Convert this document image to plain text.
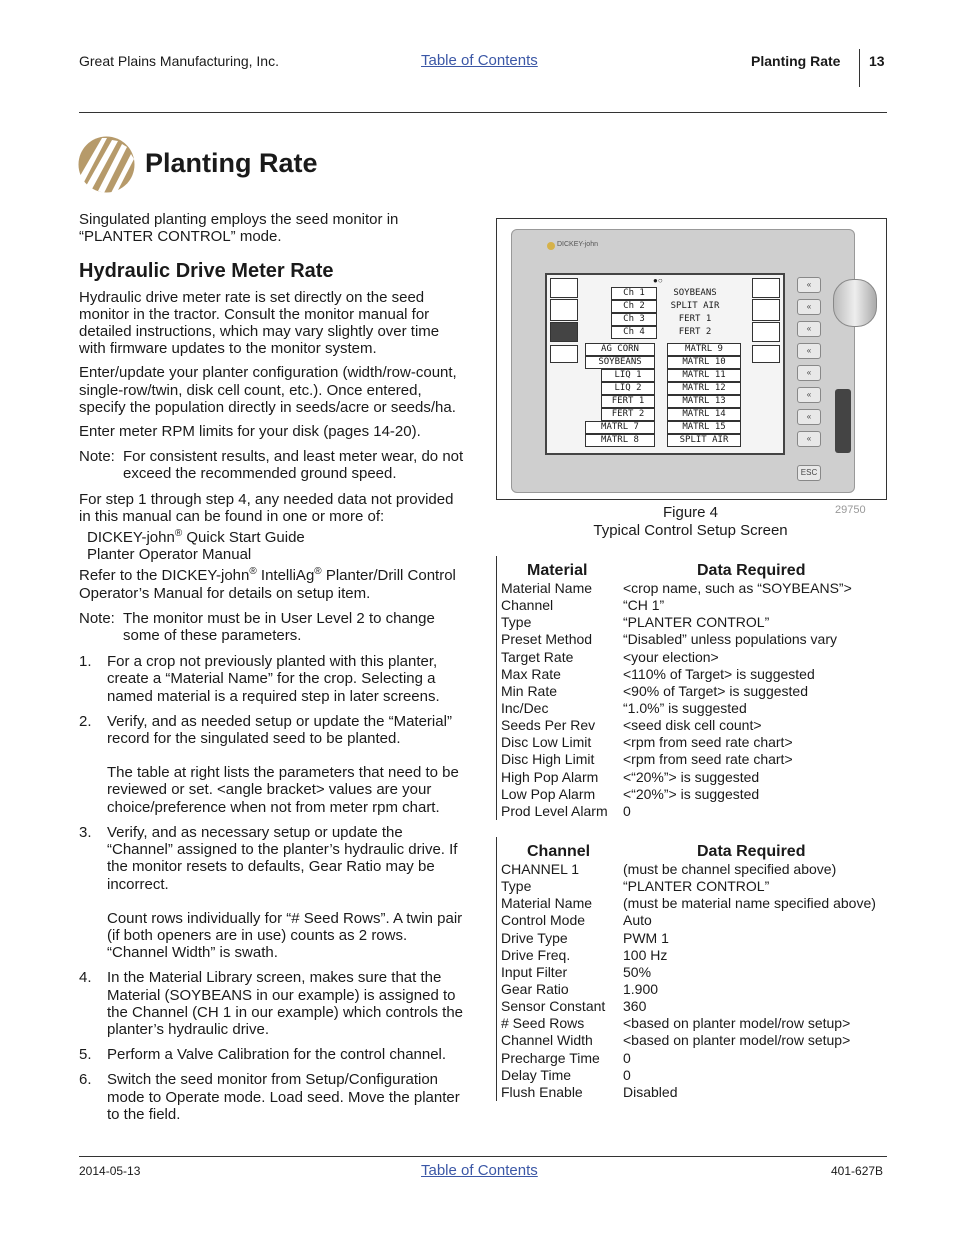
Great Plains Manufacturing, Inc.	Table of Contents	Planting Rate 13
Planting Rate

Singulated planting employs the seed monitor in “PLANTER CONTROL” mode.

Hydraulic Drive Meter Rate

Hydraulic drive meter rate is set directly on the seed monitor in the tractor. Consult the monitor manual for detailed instructions, which may vary slightly over time with firmware updates to the monitor system.

Enter/update your planter configuration (width/row-count, single-row/twin, disk cell count, etc.). Once entered, specify the population directly in seeds/acre or seeds/ha.

Enter meter RPM limits for your disk (pages 14-20).

Note: For consistent results, and least meter wear, do not exceed the recommended ground speed.

For step 1 through step 4, any needed data not provided in this manual can be found in one or more of:

DICKEY-john® Quick Start Guide

Planter Operator Manual

Refer to the DICKEY-john® IntelliAg® Planter/Drill Control Operator’s Manual for details on setup item.

Note: The monitor must be in User Level 2 to change some of these parameters.
1.	For a crop not previously planted with this planter, create a “Material Name” for the crop. Selecting a named material is a required step in later screens.
2.	Verify, and as needed setup or update the “Material” record for the singulated seed to be planted.

The table at right lists the parameters that need to be reviewed or set. <angle bracket> values are your choice/preference when not from meter rpm chart.

3.	Verify, and as necessary setup or update the “Channel” assigned to the planter’s hydraulic drive. If the monitor resets to defaults, Gear Ratio may be incorrect.

Count rows individually for “# Seed Rows”. A twin pair (if both openers are in use) counts as 2 rows. “Channel Width” is swath.

4.	In the Material Library screen, makes sure that the Material (SOYBEANS in our example) is assigned to the Channel (CH 1 in our example) which controls the planter’s hydraulic drive.
5.	Perform a Valve Calibration for the control channel.
6.	Switch the seed monitor from Setup/Configuration mode to Operate mode. Load seed. Move the planter to the field.
DICKEY-john
●○
Ch 1
Ch 2
Ch 3
Ch 4
SOYBEANS
SPLIT AIR
FERT 1
FERT 2
AG CORN
SOYBEANS
LIQ 1
LIQ 2
FERT 1
FERT 2
MATRL 7
MATRL 8
MATRL 9
MATRL 10
MATRL 11
MATRL 12
MATRL 13
MATRL 14
MATRL 15
SPLIT AIR
«
«
«
«
«
«
«
«
ESC
Figure 4
Typical Control Setup Screen
29750
Material	Data Required
Material Name	<crop name, such as “SOYBEANS”>
Channel	“CH 1”
Type	“PLANTER CONTROL”
Preset Method	“Disabled” unless populations vary
Target Rate	<your election>
Max Rate	<110% of Target> is suggested
Min Rate	<90% of Target> is suggested
Inc/Dec	“1.0%” is suggested
Seeds Per Rev	<seed disk cell count>
Disc Low Limit	<rpm from seed rate chart>
Disc High Limit	<rpm from seed rate chart>
High Pop Alarm	<“20%”> is suggested
Low Pop Alarm	<“20%”> is suggested
Prod Level Alarm	0
Channel	Data Required
CHANNEL 1	(must be channel specified above)
Type	“PLANTER CONTROL”
Material Name	(must be material name specified above)
Control Mode	Auto
Drive Type	PWM 1
Drive Freq.	100 Hz
Input Filter	50%
Gear Ratio	1.900
Sensor Constant	360
# Seed Rows	<based on planter model/row setup>
Channel Width	<based on planter model/row setup>
Precharge Time	0
Delay Time	0
Flush Enable	Disabled
2014-05-13	Table of Contents	401-627B
